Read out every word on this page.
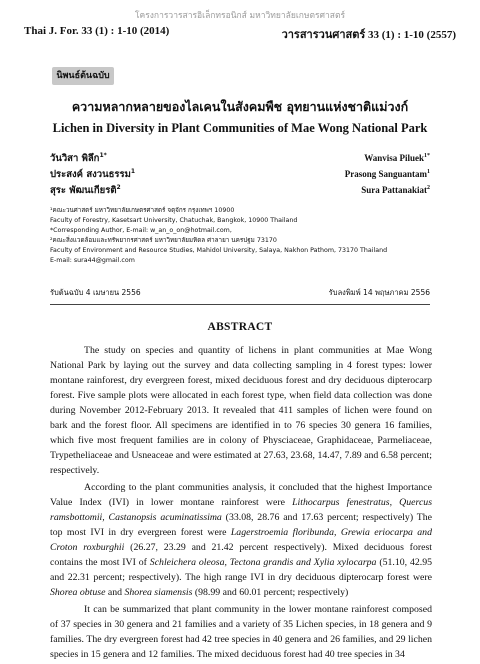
โครงการวารสารอิเล็กทรอนิกส์ มหาวิทยาลัยเกษตรศาสตร์
Thai J. For. 33 (1) : 1-10 (2014)	วารสารวนศาสตร์ 33 (1) : 1-10 (2557)
นิพนธ์ต้นฉบับ
ความหลากหลายของไลเคนในสังคมพืช อุทยานแห่งชาติแม่วงก์
Lichen in Diversity in Plant Communities of Mae Wong National Park
วันวิสา พิลึก$^{1*}$	Wanvisa Piluek$^{1*}$
ประสงค์ สงวนธรรม$^1$	Prasong Sanguantam$^1$
สุระ พัฒนเกียรติ$^2$	Sura Pattanakiat$^2$
¹คณะวนศาสตร์ มหาวิทยาลัยเกษตรศาสตร์ จตุจักร กรุงเทพฯ 10900
Faculty of Forestry, Kasetsart University, Chatuchak, Bangkok, 10900 Thailand
*Corresponding Author, E-mail: w_an_o_on@hotmail.com,
²คณะสิ่งแวดล้อมและทรัพยากรศาสตร์ มหาวิทยาลัยมหิดล ศาลายา นครปฐม 73170
Faculty of Environment and Resource Studies, Mahidol University, Salaya, Nakhon Pathom, 73170 Thailand
E-mail: sura44@gmail.com
รับต้นฉบับ 4 เมษายน 2556	รับลงพิมพ์ 14 พฤษภาคม 2556
ABSTRACT

The study on species and quantity of lichens in plant communities at Mae Wong National Park by laying out the survey and data collecting sampling in 4 forest types: lower montane rainforest, dry evergreen forest, mixed deciduous forest and dry deciduous dipterocarp forest. Five sample plots were allocated in each forest type, when field data collection was done during November 2012-February 2013. It revealed that 411 samples of lichen were found on bark and the forest floor. All specimens are identified in to 76 species 30 genera 16 families, which five most frequent families are in colony of Physciaceae, Graphidaceae, Parmeliaceae, Trypetheliaceae and Usneaceae and were estimated at 27.63, 23.68, 14.47, 7.89 and 6.58 percent; respectively.

According to the plant communities analysis, it concluded that the highest Importance Value Index (IVI) in lower montane rainforest were Lithocarpus fenestratus, Quercus ramsbottomii, Castanopsis acuminatissima (33.08, 28.76 and 17.63 percent; respectively) The top most IVI in dry evergreen forest were Lagerstroemia floribunda, Grewia eriocarpa and Croton roxburghii (26.27, 23.29 and 21.42 percent respectively). Mixed deciduous forest contains the most IVI of Schleichera oleosa, Tectona grandis and Xylia xylocarpa (51.10, 42.95 and 22.31 percent; respectively). The high range IVI in dry deciduous dipterocarp forest were Shorea obtuse and Shorea siamensis (98.99 and 60.01 percent; respectively)

It can be summarized that plant community in the lower montane rainforest composed of 37 species in 30 genera and 21 families and a variety of 35 Lichen species, in 18 genera and 9 families. The dry evergreen forest had 42 tree species in 40 genera and 26 families, and 29 lichen species in 15 genera and 12 families. The mixed deciduous forest had 40 tree species in 34
